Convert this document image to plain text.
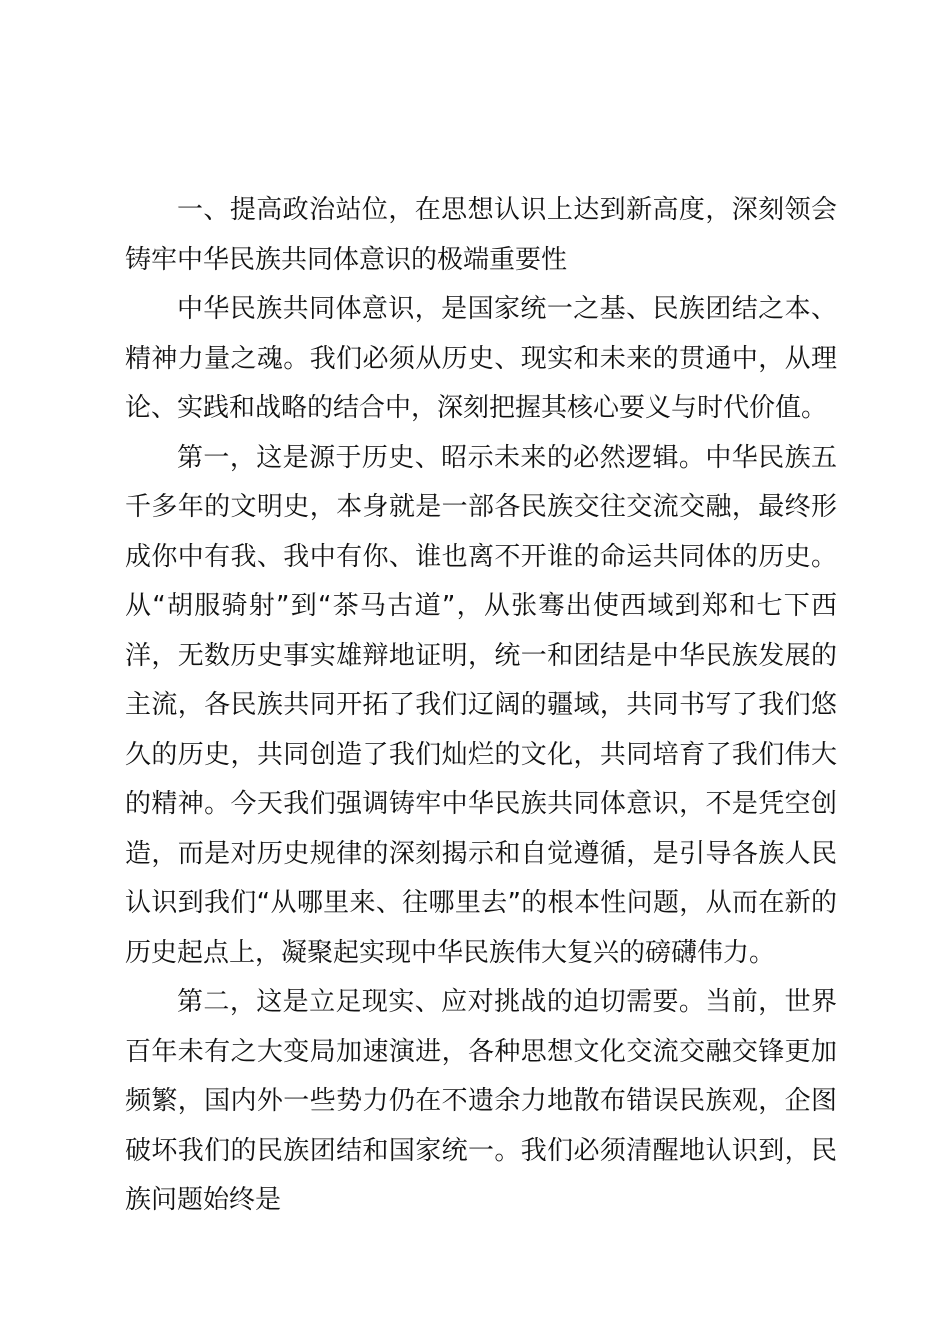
一、提高政治站位，在思想认识上达到新高度，深刻领会铸牢中华民族共同体意识的极端重要性

中华民族共同体意识，是国家统一之基、民族团结之本、精神力量之魂。我们必须从历史、现实和未来的贯通中，从理论、实践和战略的结合中，深刻把握其核心要义与时代价值。

第一，这是源于历史、昭示未来的必然逻辑。中华民族五千多年的文明史，本身就是一部各民族交往交流交融，最终形成你中有我、我中有你、谁也离不开谁的命运共同体的历史。从“胡服骑射”到“茶马古道”，从张骞出使西域到郑和七下西洋，无数历史事实雄辩地证明，统一和团结是中华民族发展的主流，各民族共同开拓了我们辽阔的疆域，共同书写了我们悠久的历史，共同创造了我们灿烂的文化，共同培育了我们伟大的精神。今天我们强调铸牢中华民族共同体意识，不是凭空创造，而是对历史规律的深刻揭示和自觉遵循，是引导各族人民认识到我们“从哪里来、往哪里去”的根本性问题，从而在新的历史起点上，凝聚起实现中华民族伟大复兴的磅礴伟力。

第二，这是立足现实、应对挑战的迫切需要。当前，世界百年未有之大变局加速演进，各种思想文化交流交融交锋更加频繁，国内外一些势力仍在不遗余力地散布错误民族观，企图破坏我们的民族团结和国家统一。我们必须清醒地认识到，民族问题始终是
